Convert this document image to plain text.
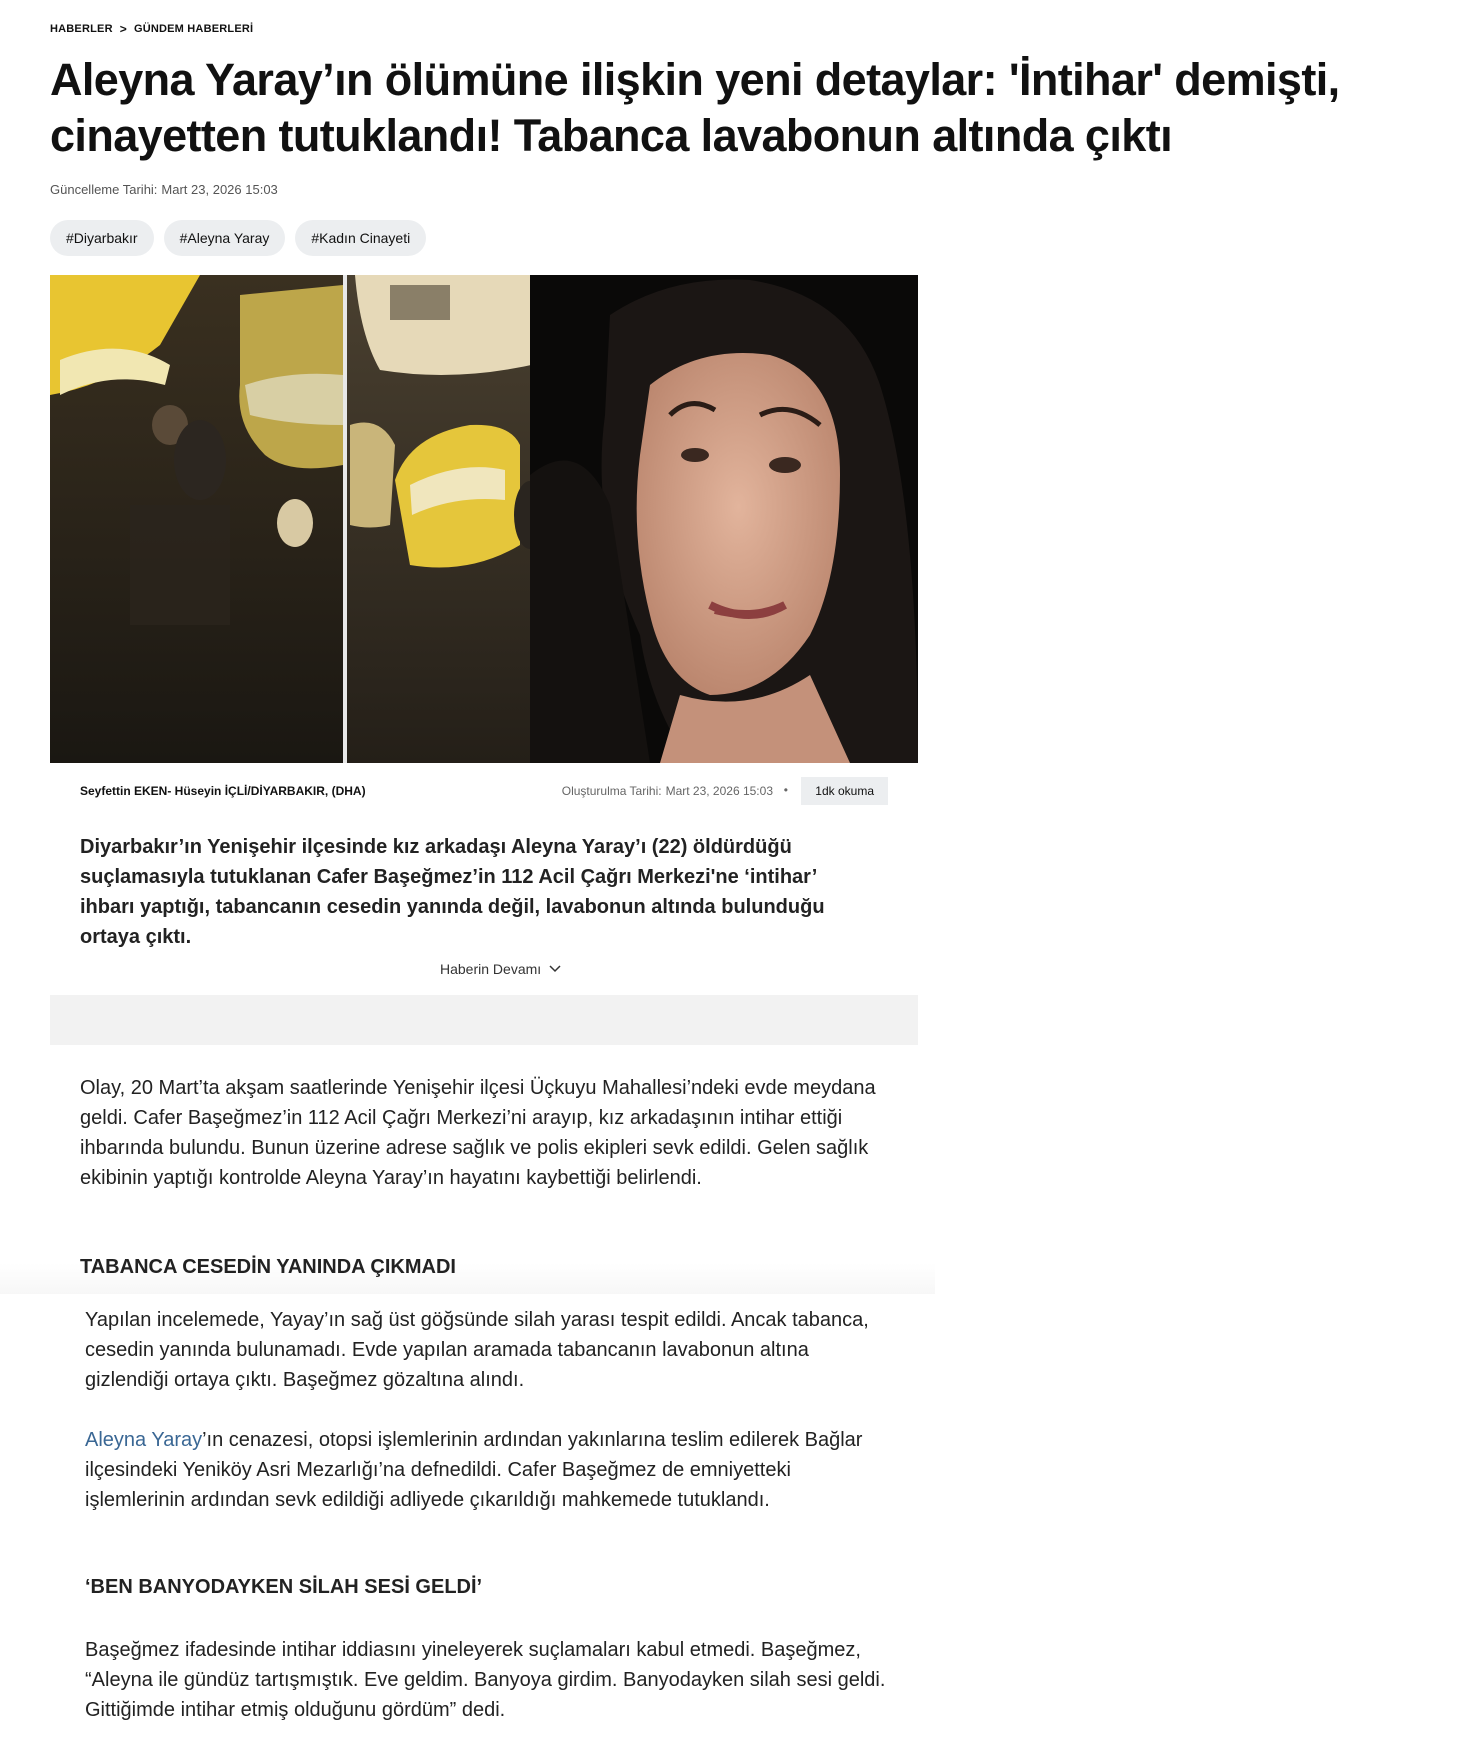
HABERLER > GÜNDEM HABERLERİ
Aleyna Yaray’ın ölümüne ilişkin yeni detaylar: 'İntihar' demişti, cinayetten tutuklandı! Tabanca lavabonun altında çıktı
Güncelleme Tarihi: Mart 23, 2026 15:03
#Diyarbakır	#Aleyna Yaray	#Kadın Cinayeti
Seyfettin EKEN- Hüseyin İÇLİ/DİYARBAKIR, (DHA)	Oluşturulma Tarihi: Mart 23, 2026 15:03 •	1dk okuma

Diyarbakır’ın Yenişehir ilçesinde kız arkadaşı Aleyna Yaray’ı (22) öldürdüğü suçlamasıyla tutuklanan Cafer Başeğmez’in 112 Acil Çağrı Merkezi'ne ‘intihar’ ihbarı yaptığı, tabancanın cesedin yanında değil, lavabonun altında bulunduğu ortaya çıktı.

Haberin Devamı

Olay, 20 Mart’ta akşam saatlerinde Yenişehir ilçesi Üçkuyu Mahallesi’ndeki evde meydana geldi. Cafer Başeğmez’in 112 Acil Çağrı Merkezi’ni arayıp, kız arkadaşının intihar ettiği ihbarında bulundu. Bunun üzerine adrese sağlık ve polis ekipleri sevk edildi. Gelen sağlık ekibinin yaptığı kontrolde Aleyna Yaray’ın hayatını kaybettiği belirlendi.

TABANCA CESEDİN YANINDA ÇIKMADI

Yapılan incelemede, Yayay’ın sağ üst göğsünde silah yarası tespit edildi. Ancak tabanca, cesedin yanında bulunamadı. Evde yapılan aramada tabancanın lavabonun altına gizlendiği ortaya çıktı. Başeğmez gözaltına alındı.

Aleyna Yaray’ın cenazesi, otopsi işlemlerinin ardından yakınlarına teslim edilerek Bağlar ilçesindeki Yeniköy Asri Mezarlığı’na defnedildi. Cafer Başeğmez de emniyetteki işlemlerinin ardından sevk edildiği adliyede çıkarıldığı mahkemede tutuklandı.

‘BEN BANYODAYKEN SİLAH SESİ GELDİ’

Başeğmez ifadesinde intihar iddiasını yineleyerek suçlamaları kabul etmedi. Başeğmez, “Aleyna ile gündüz tartışmıştık. Eve geldim. Banyoya girdim. Banyodayken silah sesi geldi. Gittiğimde intihar etmiş olduğunu gördüm” dedi.
